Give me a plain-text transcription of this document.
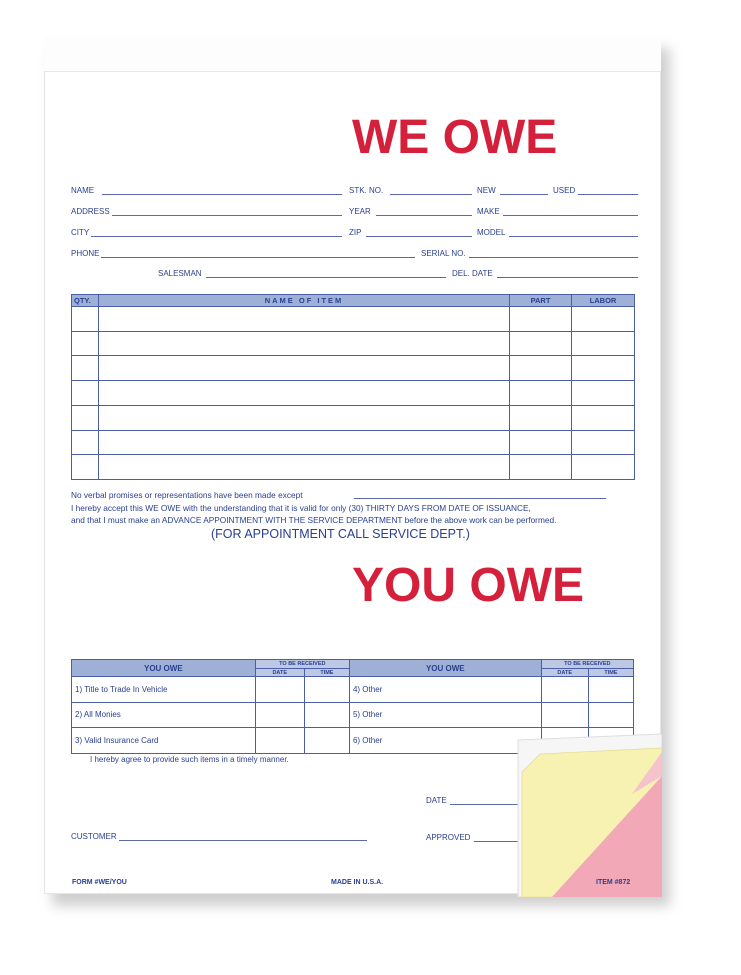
WE OWE
NAME	STK. NO.	NEW	USED
ADDRESS	YEAR	MAKE
CITY	ZIP	MODEL
PHONE	SERIAL NO.
SALESMAN	DEL. DATE
QTY.	NAME OF ITEM	PART	LABOR

No verbal promises or representations have been made except
I hereby accept this WE OWE with the understanding that it is valid for only (30) THIRTY DAYS FROM DATE OF ISSUANCE,
and that I must make an ADVANCE APPOINTMENT WITH THE SERVICE DEPARTMENT before the above work can be performed.
(FOR APPOINTMENT CALL SERVICE DEPT.)
YOU OWE
YOU OWE	TO BE RECEIVED		YOU OWE	TO BE RECEIVED	
	DATE	TIME		DATE	TIME
1) Title to Trade In Vehicle			4) Other		
2) All Monies			5) Other		
3) Valid Insurance Card			6) Other		
I hereby agree to provide such items in a timely manner.
DATE
CUSTOMER	APPROVED
FORM #WE/YOU	MADE IN U.S.A.	ITEM #872
